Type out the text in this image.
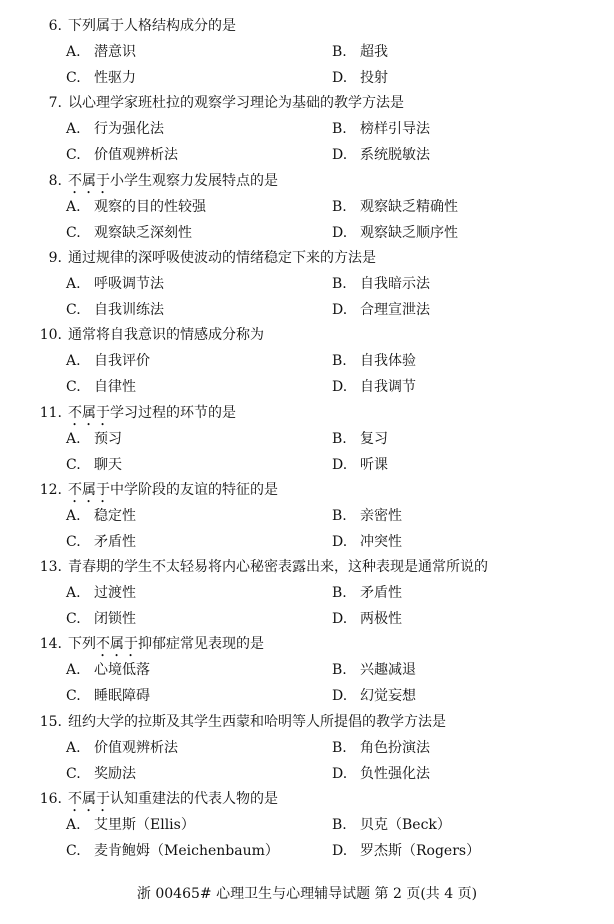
6. 下列属于人格结构成分的是
A. 潜意识	B. 超我
C. 性驱力	D. 投射
7. 以心理学家班杜拉的观察学习理论为基础的教学方法是
A. 行为强化法	B. 榜样引导法
C. 价值观辨析法	D. 系统脱敏法
8. 不属于小学生观察力发展特点的是
A. 观察的目的性较强	B. 观察缺乏精确性
C. 观察缺乏深刻性	D. 观察缺乏顺序性
9. 通过规律的深呼吸使波动的情绪稳定下来的方法是
A. 呼吸调节法	B. 自我暗示法
C. 自我训练法	D. 合理宣泄法
10. 通常将自我意识的情感成分称为
A. 自我评价	B. 自我体验
C. 自律性	D. 自我调节
11. 不属于学习过程的环节的是
A. 预习	B. 复习
C. 聊天	D. 听课
12. 不属于中学阶段的友谊的特征的是
A. 稳定性	B. 亲密性
C. 矛盾性	D. 冲突性
13. 青春期的学生不太轻易将内心秘密表露出来，这种表现是通常所说的
A. 过渡性	B. 矛盾性
C. 闭锁性	D. 两极性
14. 下列不属于抑郁症常见表现的是
A. 心境低落	B. 兴趣减退
C. 睡眠障碍	D. 幻觉妄想
15. 纽约大学的拉斯及其学生西蒙和哈明等人所提倡的教学方法是
A. 价值观辨析法	B. 角色扮演法
C. 奖励法	D. 负性强化法
16. 不属于认知重建法的代表人物的是
A. 艾里斯（Ellis）	B. 贝克（Beck）
C. 麦肯鲍姆（Meichenbaum）	D. 罗杰斯（Rogers）
浙 00465# 心理卫生与心理辅导试题 第 2 页(共 4 页)
